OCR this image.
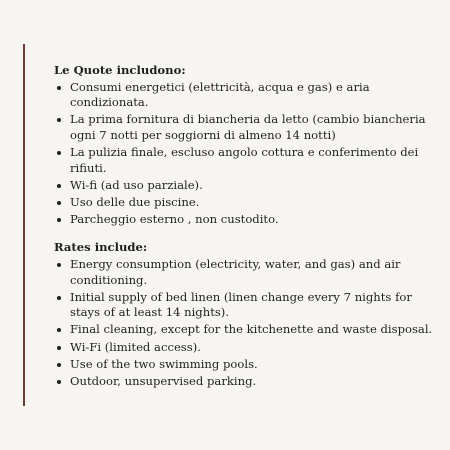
Le Quote includono:
Consumi energetici (elettricità, acqua e gas) e aria condizionata.
La prima fornitura di biancheria da letto (cambio biancheria ogni 7 notti per soggiorni di almeno 14 notti)
La pulizia finale, escluso angolo cottura e conferimento dei rifiuti.
Wi-fi (ad uso parziale).
Uso delle due piscine.
Parcheggio esterno , non custodito.
Rates include:
Energy consumption (electricity, water, and gas) and air conditioning.
Initial supply of bed linen (linen change every 7 nights for stays of at least 14 nights).
Final cleaning, except for the kitchenette and waste disposal.
Wi-Fi (limited access).
Use of the two swimming pools.
Outdoor, unsupervised parking.
